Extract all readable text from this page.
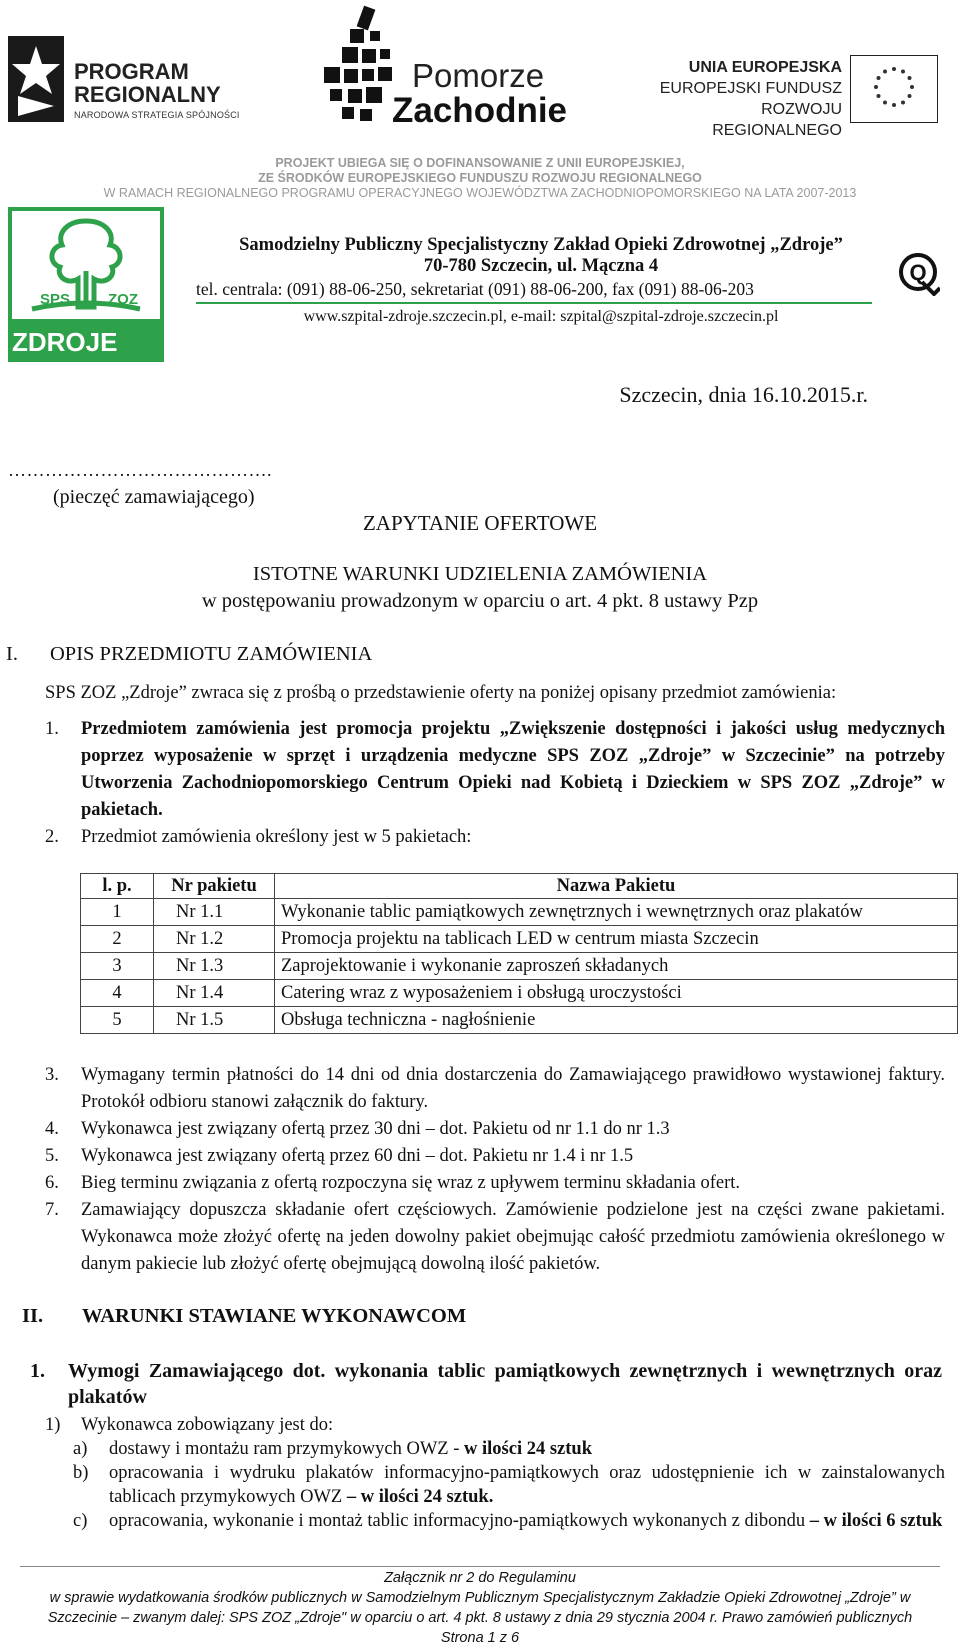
PROGRAM
REGIONALNY
NARODOWA STRATEGIA SPÓJNOŚCI
Pomorze
Zachodnie
UNIA EUROPEJSKA
EUROPEJSKI FUNDUSZ
ROZWOJU REGIONALNEGO
PROJEKT UBIEGA SIĘ O DOFINANSOWANIE Z UNII EUROPEJSKIEJ,
ZE ŚRODKÓW EUROPEJSKIEGO FUNDUSZU ROZWOJU REGIONALNEGO
W RAMACH REGIONALNEGO PROGRAMU OPERACYJNEGO WOJEWÓDZTWA ZACHODNIOPOMORSKIEGO NA LATA 2007-2013
SPS	ZOZ
ZDROJE
Samodzielny Publiczny Specjalistyczny Zakład Opieki Zdrowotnej „Zdroje”
70-780 Szczecin, ul. Mączna 4
tel. centrala: (091) 88-06-250, sekretariat (091) 88-06-200, fax (091) 88-06-203
www.szpital-zdroje.szczecin.pl, e-mail: szpital@szpital-zdroje.szczecin.pl
Q
Szczecin, dnia 16.10.2015.r.
…………………………………….
(pieczęć zamawiającego)
ZAPYTANIE OFERTOWE
ISTOTNE WARUNKI UDZIELENIA ZAMÓWIENIA
w postępowaniu prowadzonym w oparciu o art. 4 pkt. 8 ustawy Pzp
I. OPIS PRZEDMIOTU ZAMÓWIENIA
SPS ZOZ „Zdroje” zwraca się z prośbą o przedstawienie oferty na poniżej opisany przedmiot zamówienia:
1. Przedmiotem zamówienia jest promocja projektu „Zwiększenie dostępności i jakości usług medycznych poprzez wyposażenie w sprzęt i urządzenia medyczne SPS ZOZ „Zdroje” w Szczecinie” na potrzeby Utworzenia Zachodniopomorskiego Centrum Opieki nad Kobietą i Dzieckiem w SPS ZOZ „Zdroje” w pakietach.
2. Przedmiot zamówienia określony jest w 5 pakietach:
l. p.	Nr pakietu	Nazwa Pakietu
1	Nr 1.1	Wykonanie tablic pamiątkowych zewnętrznych i wewnętrznych oraz plakatów
2	Nr 1.2	Promocja projektu na tablicach LED w centrum miasta Szczecin
3	Nr 1.3	Zaprojektowanie i wykonanie zaproszeń składanych
4	Nr 1.4	Catering wraz z wyposażeniem i obsługą uroczystości
5	Nr 1.5	Obsługa techniczna - nagłośnienie
3. Wymagany termin płatności do 14 dni od dnia dostarczenia do Zamawiającego prawidłowo wystawionej faktury. Protokół odbioru stanowi załącznik do faktury.
4. Wykonawca jest związany ofertą przez 30 dni – dot. Pakietu od nr 1.1 do nr 1.3
5. Wykonawca jest związany ofertą przez 60 dni – dot. Pakietu nr 1.4 i nr 1.5
6. Bieg terminu związania z ofertą rozpoczyna się wraz z upływem terminu składania ofert.
7. Zamawiający dopuszcza składanie ofert częściowych. Zamówienie podzielone jest na części zwane pakietami. Wykonawca może złożyć ofertę na jeden dowolny pakiet obejmując całość przedmiotu zamówienia określonego w danym pakiecie lub złożyć ofertę obejmującą dowolną ilość pakietów.
II. WARUNKI STAWIANE WYKONAWCOM
1. Wymogi Zamawiającego dot. wykonania tablic pamiątkowych zewnętrznych i wewnętrznych oraz plakatów
1) Wykonawca zobowiązany jest do:
a) dostawy i montażu ram przymykowych OWZ - w ilości 24 sztuk
b) opracowania i wydruku plakatów informacyjno-pamiątkowych oraz udostępnienie ich w zainstalowanych tablicach przymykowych OWZ – w ilości 24 sztuk.
c) opracowania, wykonanie i montaż tablic informacyjno-pamiątkowych wykonanych z dibondu – w ilości 6 sztuk
Załącznik nr 2 do Regulaminu
w sprawie wydatkowania środków publicznych w Samodzielnym Publicznym Specjalistycznym Zakładzie Opieki Zdrowotnej „Zdroje” w
Szczecinie – zwanym dalej: SPS ZOZ „Zdroje" w oparciu o art. 4 pkt. 8 ustawy z dnia 29 stycznia 2004 r. Prawo zamówień publicznych
Strona 1 z 6
